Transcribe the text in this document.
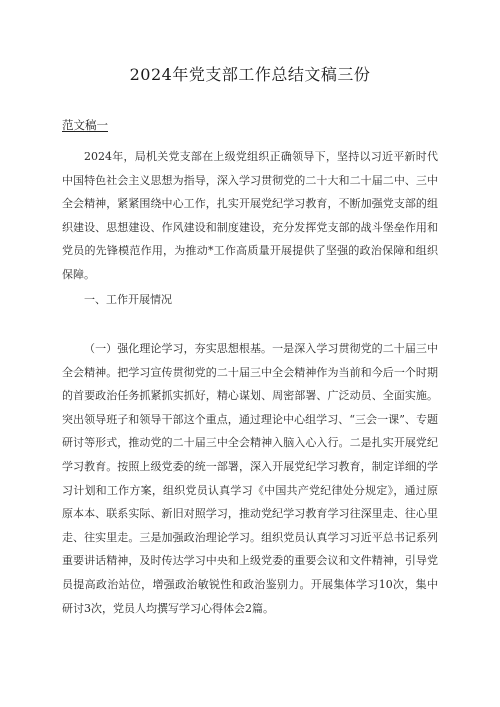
2024年党支部工作总结文稿三份
范文稿一

2024年，局机关党支部在上级党组织正确领导下，坚持以习近平新时代中国特色社会主义思想为指导，深入学习贯彻党的二十大和二十届二中、三中全会精神，紧紧围绕中心工作，扎实开展党纪学习教育，不断加强党支部的组织建设、思想建设、作风建设和制度建设，充分发挥党支部的战斗堡垒作用和党员的先锋模范作用，为推动*工作高质量开展提供了坚强的政治保障和组织保障。

一、工作开展情况

（一）强化理论学习，夯实思想根基。一是深入学习贯彻党的二十届三中全会精神。把学习宣传贯彻党的二十届三中全会精神作为当前和今后一个时期的首要政治任务抓紧抓实抓好，精心谋划、周密部署、广泛动员、全面实施。突出领导班子和领导干部这个重点，通过理论中心组学习、“三会一课”、专题研讨等形式，推动党的二十届三中全会精神入脑入心入行。二是扎实开展党纪学习教育。按照上级党委的统一部署，深入开展党纪学习教育，制定详细的学习计划和工作方案，组织党员认真学习《中国共产党纪律处分规定》，通过原原本本、联系实际、新旧对照学习，推动党纪学习教育学习往深里走、往心里走、往实里走。三是加强政治理论学习。组织党员认真学习习近平总书记系列重要讲话精神，及时传达学习中央和上级党委的重要会议和文件精神，引导党员提高政治站位，增强政治敏锐性和政治鉴别力。开展集体学习10次，集中研讨3次，党员人均撰写学习心得体会2篇。
